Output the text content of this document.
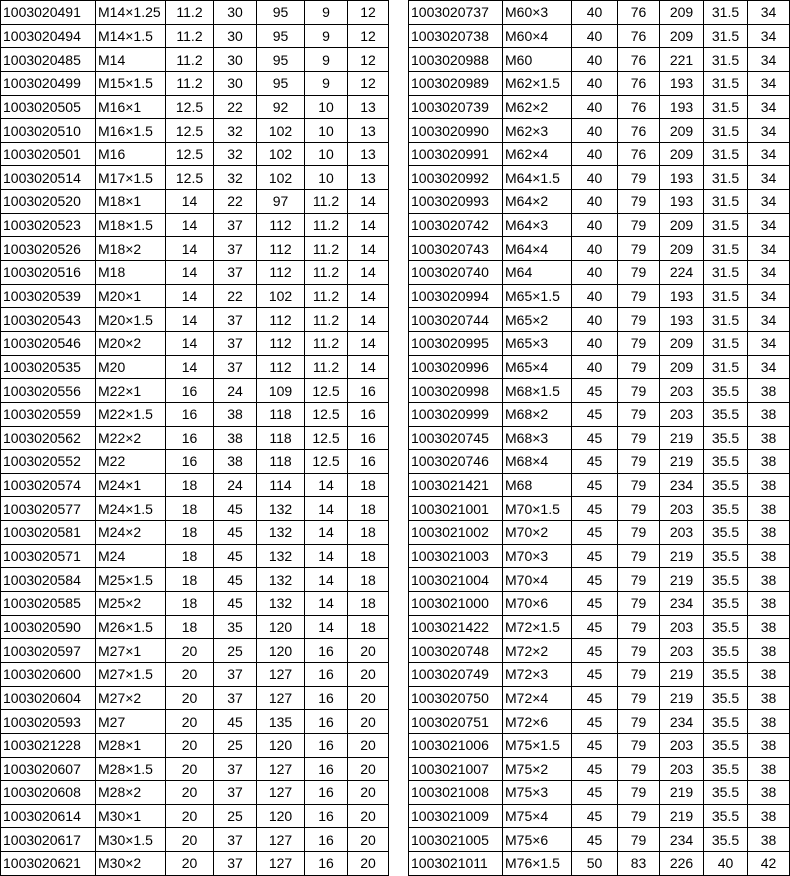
1003020491	M14×1.25	11.2	30	95	9	12
1003020494	M14×1.5	11.2	30	95	9	12
1003020485	M14	11.2	30	95	9	12
1003020499	M15×1.5	11.2	30	95	9	12
1003020505	M16×1	12.5	22	92	10	13
1003020510	M16×1.5	12.5	32	102	10	13
1003020501	M16	12.5	32	102	10	13
1003020514	M17×1.5	12.5	32	102	10	13
1003020520	M18×1	14	22	97	11.2	14
1003020523	M18×1.5	14	37	112	11.2	14
1003020526	M18×2	14	37	112	11.2	14
1003020516	M18	14	37	112	11.2	14
1003020539	M20×1	14	22	102	11.2	14
1003020543	M20×1.5	14	37	112	11.2	14
1003020546	M20×2	14	37	112	11.2	14
1003020535	M20	14	37	112	11.2	14
1003020556	M22×1	16	24	109	12.5	16
1003020559	M22×1.5	16	38	118	12.5	16
1003020562	M22×2	16	38	118	12.5	16
1003020552	M22	16	38	118	12.5	16
1003020574	M24×1	18	24	114	14	18
1003020577	M24×1.5	18	45	132	14	18
1003020581	M24×2	18	45	132	14	18
1003020571	M24	18	45	132	14	18
1003020584	M25×1.5	18	45	132	14	18
1003020585	M25×2	18	45	132	14	18
1003020590	M26×1.5	18	35	120	14	18
1003020597	M27×1	20	25	120	16	20
1003020600	M27×1.5	20	37	127	16	20
1003020604	M27×2	20	37	127	16	20
1003020593	M27	20	45	135	16	20
1003021228	M28×1	20	25	120	16	20
1003020607	M28×1.5	20	37	127	16	20
1003020608	M28×2	20	37	127	16	20
1003020614	M30×1	20	25	120	16	20
1003020617	M30×1.5	20	37	127	16	20
1003020621	M30×2	20	37	127	16	20
1003020737	M60×3	40	76	209	31.5	34
1003020738	M60×4	40	76	209	31.5	34
1003020988	M60	40	76	221	31.5	34
1003020989	M62×1.5	40	76	193	31.5	34
1003020739	M62×2	40	76	193	31.5	34
1003020990	M62×3	40	76	209	31.5	34
1003020991	M62×4	40	76	209	31.5	34
1003020992	M64×1.5	40	79	193	31.5	34
1003020993	M64×2	40	79	193	31.5	34
1003020742	M64×3	40	79	209	31.5	34
1003020743	M64×4	40	79	209	31.5	34
1003020740	M64	40	79	224	31.5	34
1003020994	M65×1.5	40	79	193	31.5	34
1003020744	M65×2	40	79	193	31.5	34
1003020995	M65×3	40	79	209	31.5	34
1003020996	M65×4	40	79	209	31.5	34
1003020998	M68×1.5	45	79	203	35.5	38
1003020999	M68×2	45	79	203	35.5	38
1003020745	M68×3	45	79	219	35.5	38
1003020746	M68×4	45	79	219	35.5	38
1003021421	M68	45	79	234	35.5	38
1003021001	M70×1.5	45	79	203	35.5	38
1003021002	M70×2	45	79	203	35.5	38
1003021003	M70×3	45	79	219	35.5	38
1003021004	M70×4	45	79	219	35.5	38
1003021000	M70×6	45	79	234	35.5	38
1003021422	M72×1.5	45	79	203	35.5	38
1003020748	M72×2	45	79	203	35.5	38
1003020749	M72×3	45	79	219	35.5	38
1003020750	M72×4	45	79	219	35.5	38
1003020751	M72×6	45	79	234	35.5	38
1003021006	M75×1.5	45	79	203	35.5	38
1003021007	M75×2	45	79	203	35.5	38
1003021008	M75×3	45	79	219	35.5	38
1003021009	M75×4	45	79	219	35.5	38
1003021005	M75×6	45	79	234	35.5	38
1003021011	M76×1.5	50	83	226	40	42
